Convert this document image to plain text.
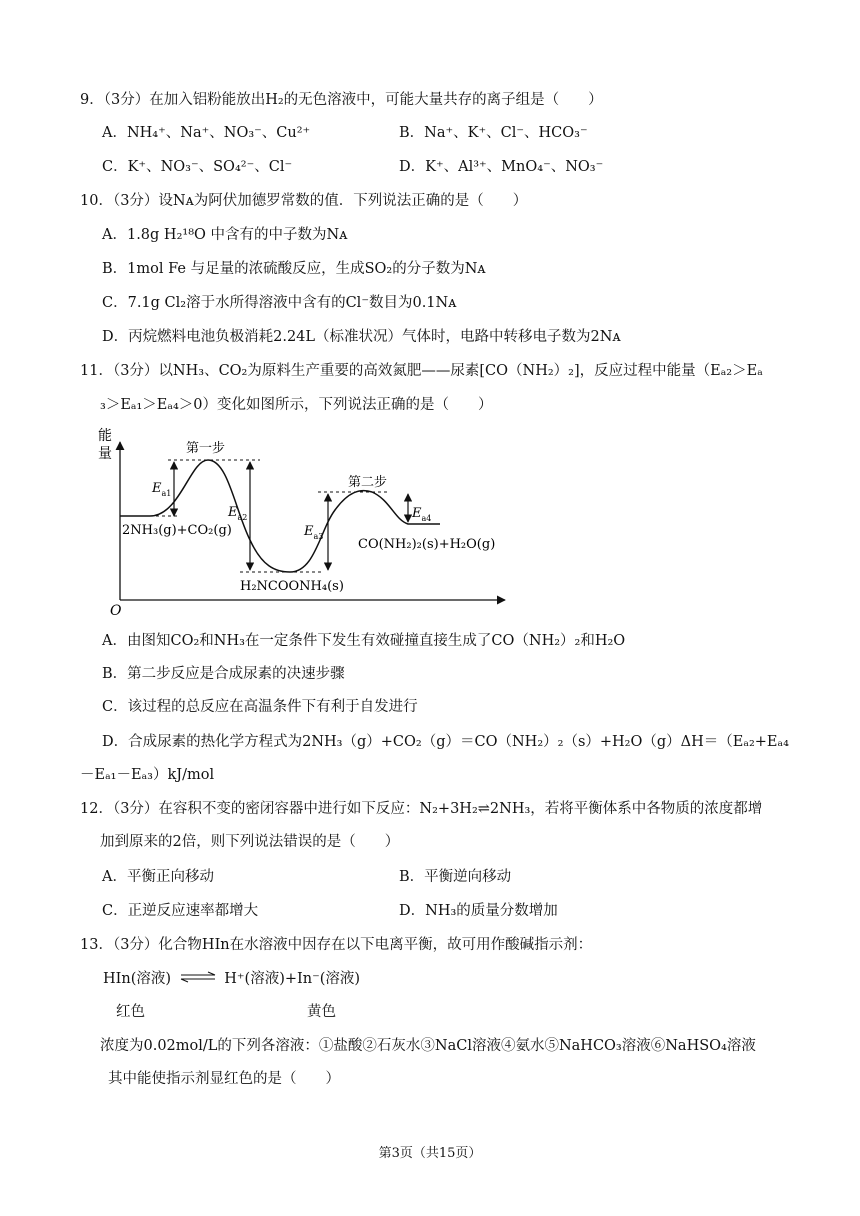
9．（3分）在加入铝粉能放出H₂的无色溶液中，可能大量共存的离子组是（　　）
A．NH₄⁺、Na⁺、NO₃⁻、Cu²⁺	B．Na⁺、K⁺、Cl⁻、HCO₃⁻
C．K⁺、NO₃⁻、SO₄²⁻、Cl⁻	D．K⁺、Al³⁺、MnO₄⁻、NO₃⁻
10．（3分）设Nᴀ为阿伏加德罗常数的值．下列说法正确的是（　　）
A．1.8g H₂¹⁸O 中含有的中子数为Nᴀ
B．1mol Fe 与足量的浓硫酸反应，生成SO₂的分子数为Nᴀ
C．7.1g Cl₂溶于水所得溶液中含有的Cl⁻数目为0.1Nᴀ
D．丙烷燃料电池负极消耗2.24L（标准状况）气体时，电路中转移电子数为2Nᴀ
11．（3分）以NH₃、CO₂为原料生产重要的高效氮肥——尿素[CO（NH₂）₂]，反应过程中能量（Eₐ₂＞Eₐ
₃＞Eₐ₁＞Eₐ₄＞0）变化如图所示，下列说法正确的是（　　）
能
量
O
第一步
第二步
$E_{a1}$
$E_{a2}$
$E_{a3}$
$E_{a4}$
2NH₃(g)+CO₂(g)
H₂NCOONH₄(s)
CO(NH₂)₂(s)+H₂O(g)
A．由图知CO₂和NH₃在一定条件下发生有效碰撞直接生成了CO（NH₂）₂和H₂O
B．第二步反应是合成尿素的决速步骤
C．该过程的总反应在高温条件下有利于自发进行
D．合成尿素的热化学方程式为2NH₃（g）+CO₂（g）＝CO（NH₂）₂（s）+H₂O（g）ΔH＝（Eₐ₂+Eₐ₄
－Eₐ₁－Eₐ₃）kJ/mol
12．（3分）在容积不变的密闭容器中进行如下反应：N₂+3H₂⇌2NH₃，若将平衡体系中各物质的浓度都增
加到原来的2倍，则下列说法错误的是（　　）
A．平衡正向移动	B．平衡逆向移动
C．正逆反应速率都增大	D．NH₃的质量分数增加
13．（3分）化合物HIn在水溶液中因存在以下电离平衡，故可用作酸碱指示剂：
HIn(溶液) ⇌ H⁺(溶液)+In⁻(溶液)
红色	黄色
浓度为0.02mol/L的下列各溶液：①盐酸②石灰水③NaCl溶液④氨水⑤NaHCO₃溶液⑥NaHSO₄溶液
其中能使指示剂显红色的是（　　）
第3页（共15页）
